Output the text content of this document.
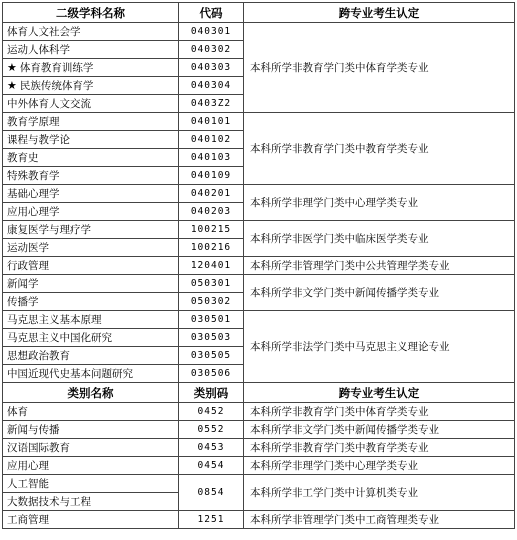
二级学科名称	代码	跨专业考生认定
体育人文社会学	040301	本科所学非教育学门类中体育学类专业
运动人体科学	040302	
★ 体育教育训练学	040303	
★ 民族传统体育学	040304	
中外体育人文交流	0403Z2	
教育学原理	040101	本科所学非教育学门类中教育学类专业
课程与教学论	040102	
教育史	040103	
特殊教育学	040109	
基础心理学	040201	本科所学非理学门类中心理学类专业
应用心理学	040203	
康复医学与理疗学	100215	本科所学非医学门类中临床医学类专业
运动医学	100216	
行政管理	120401	本科所学非管理学门类中公共管理学类专业
新闻学	050301	本科所学非文学门类中新闻传播学类专业
传播学	050302	
马克思主义基本原理	030501	本科所学非法学门类中马克思主义理论专业
马克思主义中国化研究	030503	
思想政治教育	030505	
中国近现代史基本问题研究	030506	
类别名称	类别码	跨专业考生认定
体育	0452	本科所学非教育学门类中体育学类专业
新闻与传播	0552	本科所学非文学门类中新闻传播学类专业
汉语国际教育	0453	本科所学非教育学门类中教育学类专业
应用心理	0454	本科所学非理学门类中心理学类专业
人工智能	0854	本科所学非工学门类中计算机类专业
大数据技术与工程		
工商管理	1251	本科所学非管理学门类中工商管理类专业
